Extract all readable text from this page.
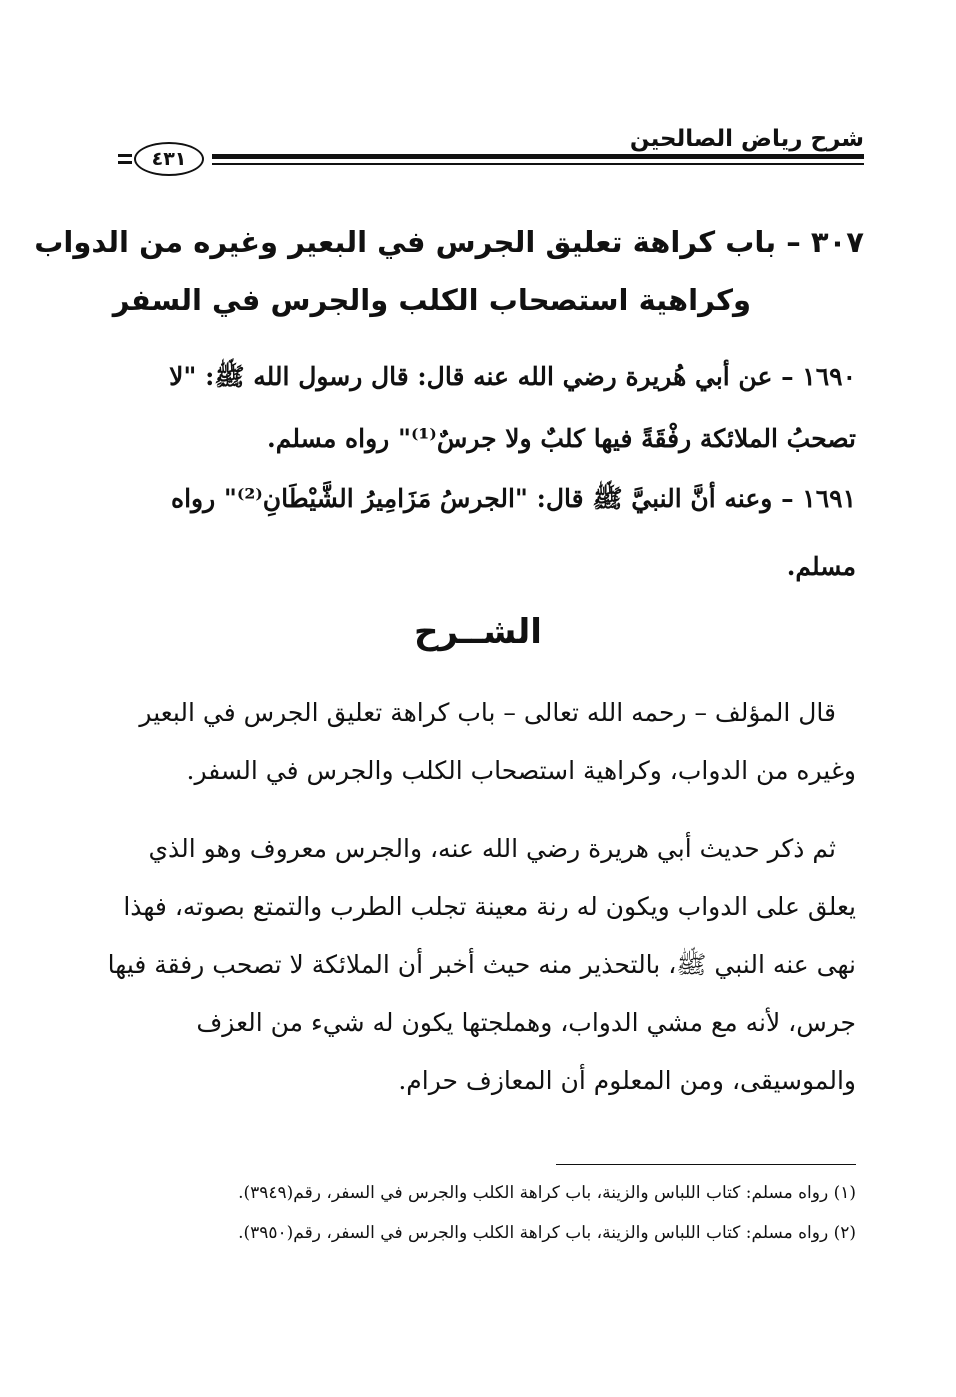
شرح رياض الصالحين
٤٣١
٣٠٧ – باب كراهة تعليق الجرس في البعير وغيره من الدواب
وكراهية استصحاب الكلب والجرس في السفر
١٦٩٠ – عن أبي هُريرة رضي الله عنه قال: قال رسول الله ﷺ: "لا
تصحبُ الملائكة رفْقَةً فيها كلبٌ ولا جرسٌ⁽¹⁾" رواه مسلم.
١٦٩١ – وعنه أنَّ النبيَّ ﷺ قال: "الجرسُ مَزَامِيرُ الشَّيْطَانِ⁽²⁾" رواه
مسلم.
الشــرح
قال المؤلف – رحمه الله تعالى – باب كراهة تعليق الجرس في البعير
وغيره من الدواب، وكراهية استصحاب الكلب والجرس في السفر.
ثم ذكر حديث أبي هريرة رضي الله عنه، والجرس معروف وهو الذي
يعلق على الدواب ويكون له رنة معينة تجلب الطرب والتمتع بصوته، فهذا
نهى عنه النبي ﷺ، بالتحذير منه حيث أخبر أن الملائكة لا تصحب رفقة فيها
جرس، لأنه مع مشي الدواب، وهملجتها يكون له شيء من العزف
والموسيقى، ومن المعلوم أن المعازف حرام.
(١) رواه مسلم: كتاب اللباس والزينة، باب كراهة الكلب والجرس في السفر، رقم(٣٩٤٩).
(٢) رواه مسلم: كتاب اللباس والزينة، باب كراهة الكلب والجرس في السفر، رقم(٣٩٥٠).
